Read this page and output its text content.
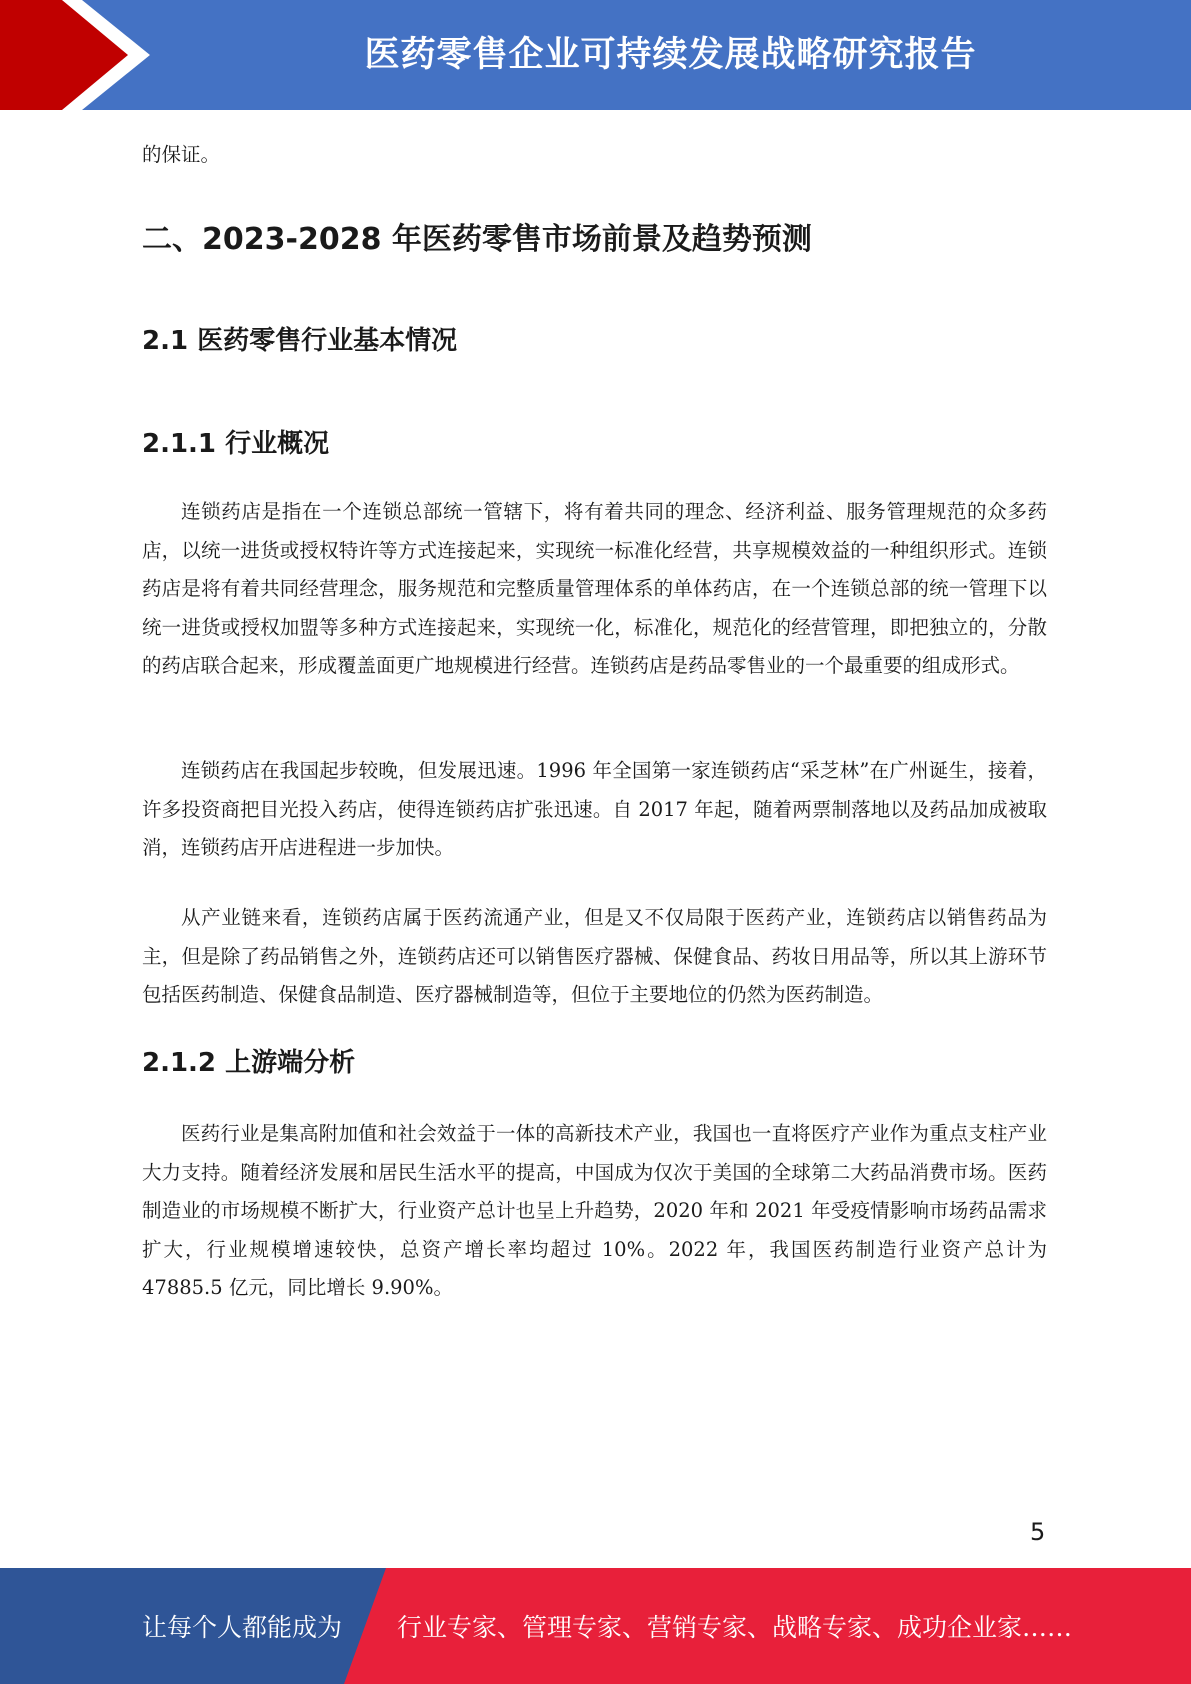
医药零售企业可持续发展战略研究报告

的保证。

二、2023-2028 年医药零售市场前景及趋势预测
2.1 医药零售行业基本情况
2.1.1 行业概况

连锁药店是指在一个连锁总部统一管辖下，将有着共同的理念、经济利益、服务管理规范的众多药店，以统一进货或授权特许等方式连接起来，实现统一标准化经营，共享规模效益的一种组织形式。连锁药店是将有着共同经营理念，服务规范和完整质量管理体系的单体药店，在一个连锁总部的统一管理下以统一进货或授权加盟等多种方式连接起来，实现统一化，标准化，规范化的经营管理，即把独立的，分散的药店联合起来，形成覆盖面更广地规模进行经营。连锁药店是药品零售业的一个最重要的组成形式。

连锁药店在我国起步较晚，但发展迅速。1996 年全国第一家连锁药店“采芝林”在广州诞生，接着，许多投资商把目光投入药店，使得连锁药店扩张迅速。自 2017 年起，随着两票制落地以及药品加成被取消，连锁药店开店进程进一步加快。

从产业链来看，连锁药店属于医药流通产业，但是又不仅局限于医药产业，连锁药店以销售药品为主，但是除了药品销售之外，连锁药店还可以销售医疗器械、保健食品、药妆日用品等，所以其上游环节包括医药制造、保健食品制造、医疗器械制造等，但位于主要地位的仍然为医药制造。

2.1.2 上游端分析

医药行业是集高附加值和社会效益于一体的高新技术产业，我国也一直将医疗产业作为重点支柱产业大力支持。随着经济发展和居民生活水平的提高，中国成为仅次于美国的全球第二大药品消费市场。医药制造业的市场规模不断扩大，行业资产总计也呈上升趋势，2020 年和 2021 年受疫情影响市场药品需求扩大，行业规模增速较快，总资产增长率均超过 10%。2022 年，我国医药制造行业资产总计为 47885.5 亿元，同比增长 9.90%。

5
让每个人都能成为 行业专家、管理专家、营销专家、战略专家、成功企业家……
